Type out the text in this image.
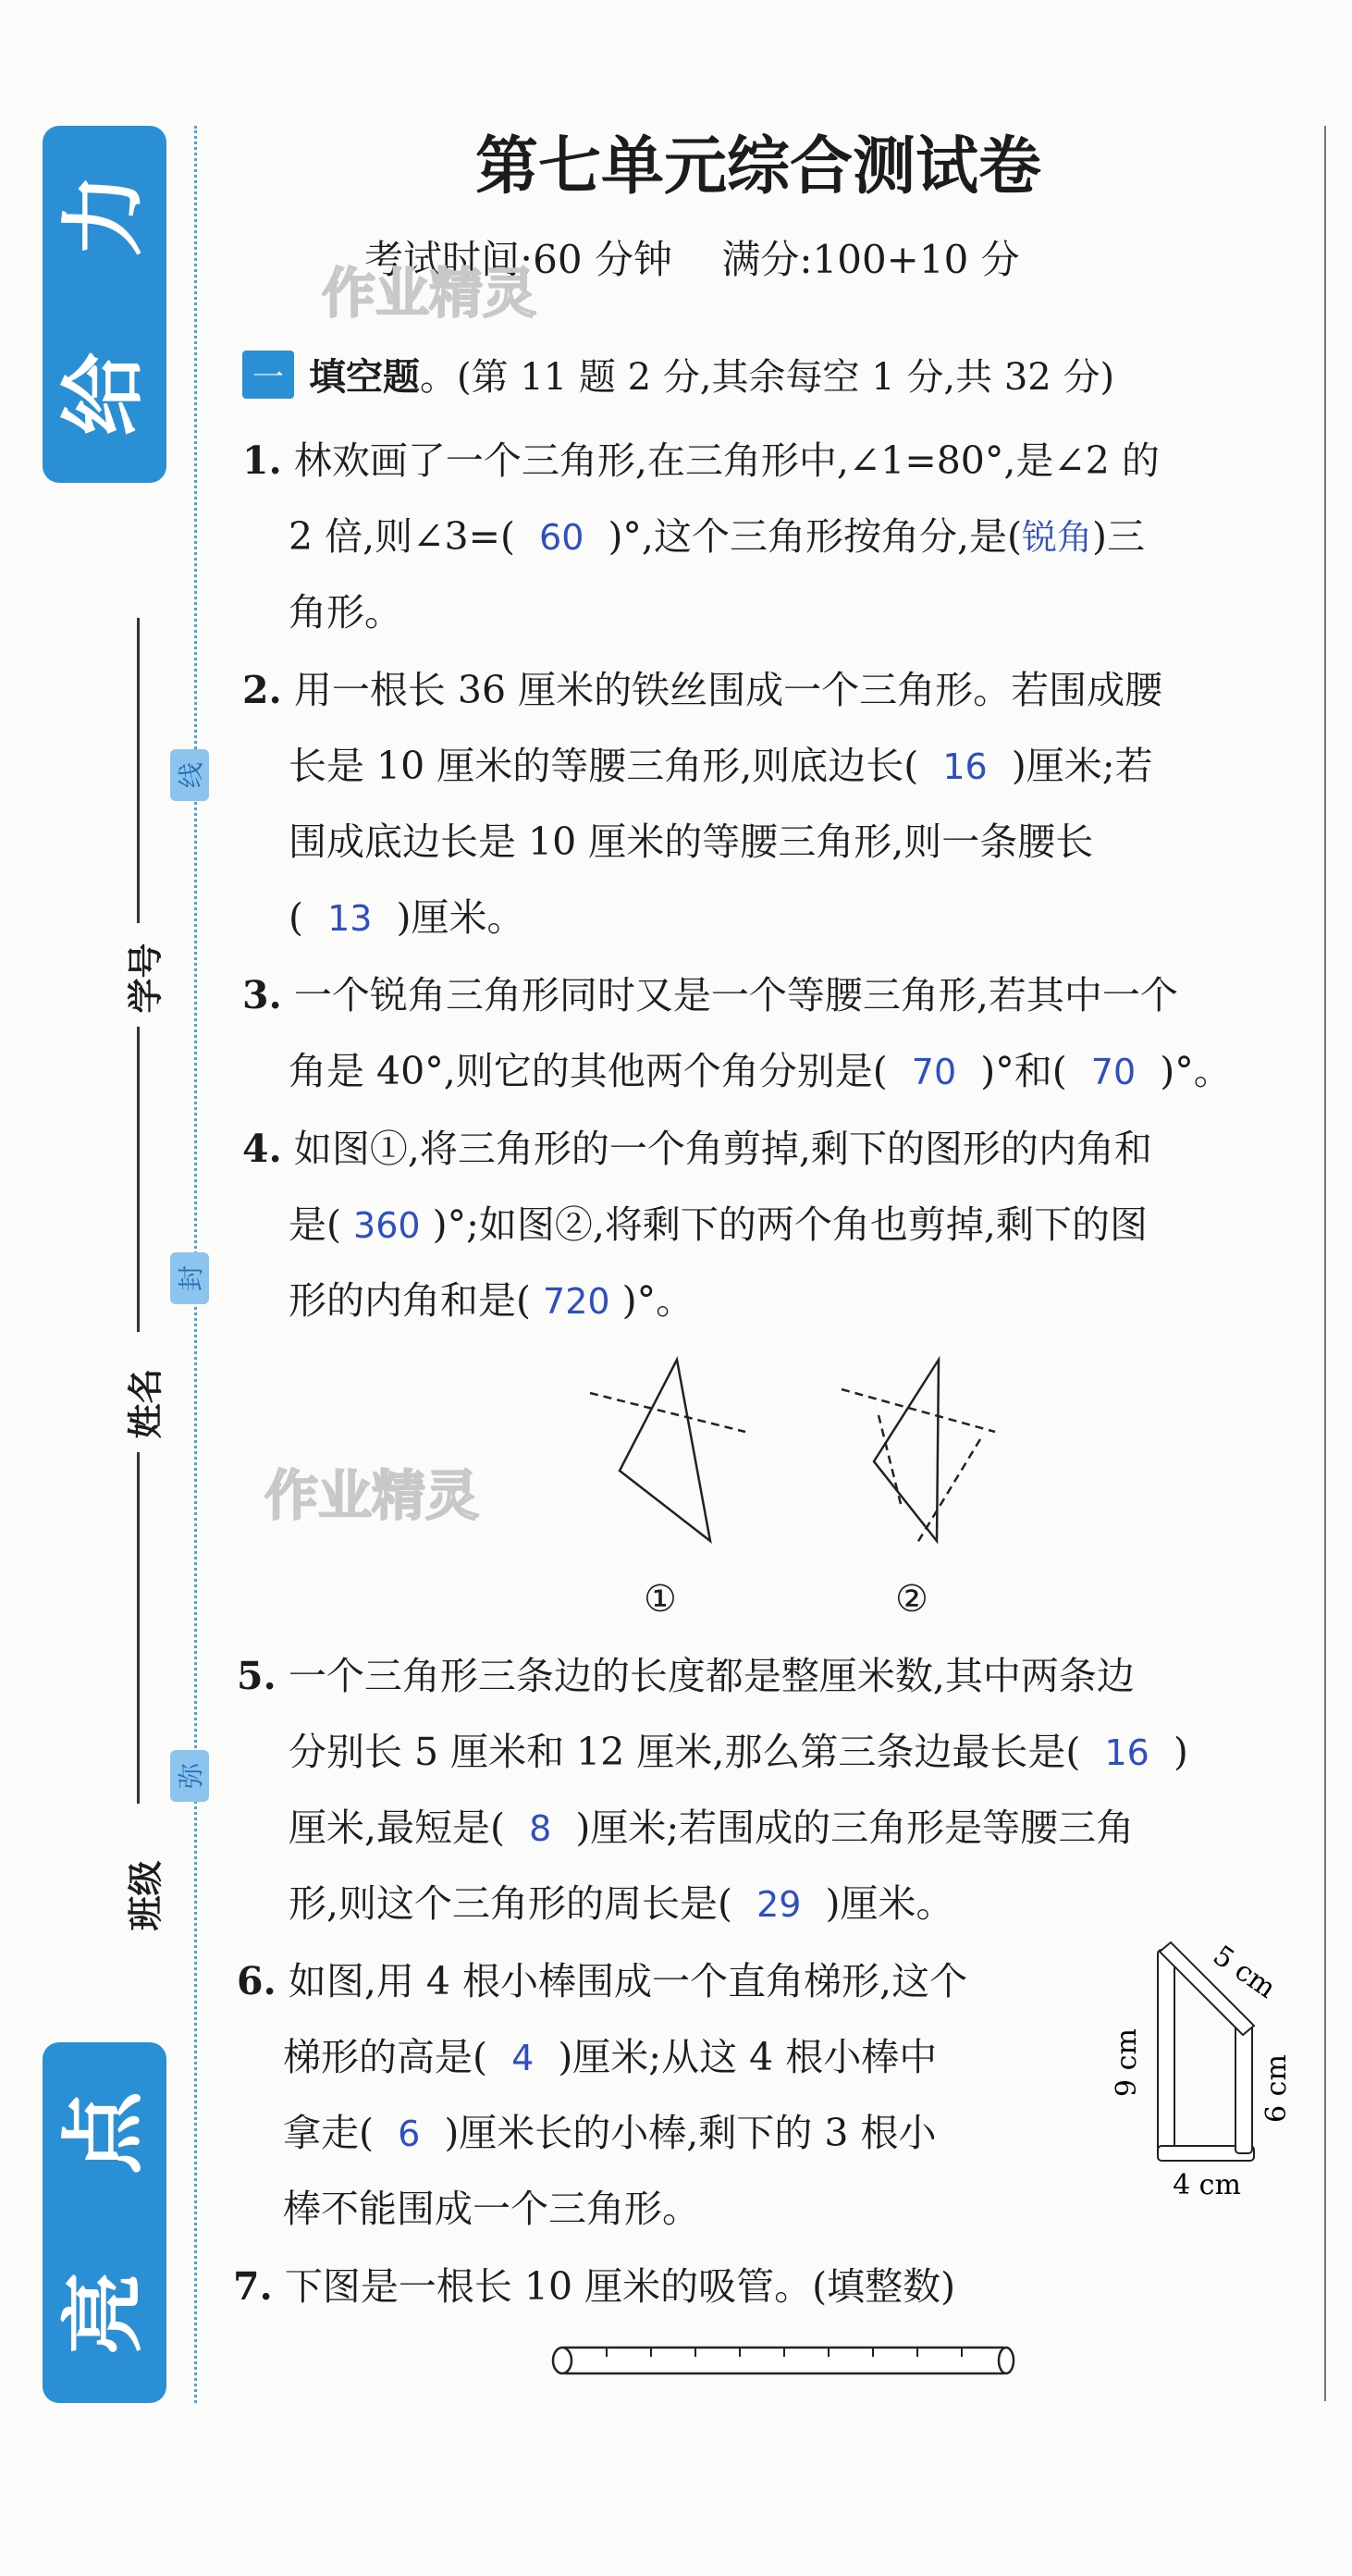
力
给
点
亮
学号
姓名
班级
线
封
弥
第七单元综合测试卷
考试时间:60 分钟    满分:100+10 分
作业精灵
作业精灵
一 填空题 。(第 11 题 2 分,其余每空 1 分,共 32 分)
1. 林欢画了一个三角形,在三角形中,∠1=80°,是∠2 的
2 倍,则∠3=(  60  )°,这个三角形按角分,是(锐角)三
角形。
2. 用一根长 36 厘米的铁丝围成一个三角形。若围成腰
长是 10 厘米的等腰三角形,则底边长(  16  )厘米;若
围成底边长是 10 厘米的等腰三角形,则一条腰长
(  13  )厘米。
3. 一个锐角三角形同时又是一个等腰三角形,若其中一个
角是 40°,则它的其他两个角分别是(  70  )°和(  70  )°。
4. 如图①,将三角形的一个角剪掉,剩下的图形的内角和
是( 360 )°;如图②,将剩下的两个角也剪掉,剩下的图
形的内角和是( 720 )°。
①	②
5. 一个三角形三条边的长度都是整厘米数,其中两条边
分别长 5 厘米和 12 厘米,那么第三条边最长是(  16  )
厘米,最短是(  8  )厘米;若围成的三角形是等腰三角
形,则这个三角形的周长是(  29  )厘米。
6. 如图,用 4 根小棒围成一个直角梯形,这个
梯形的高是(  4  )厘米;从这 4 根小棒中
拿走(  6  )厘米长的小棒,剩下的 3 根小
棒不能围成一个三角形。
9 cm
5 cm
6 cm
4 cm
7. 下图是一根长 10 厘米的吸管。(填整数)
